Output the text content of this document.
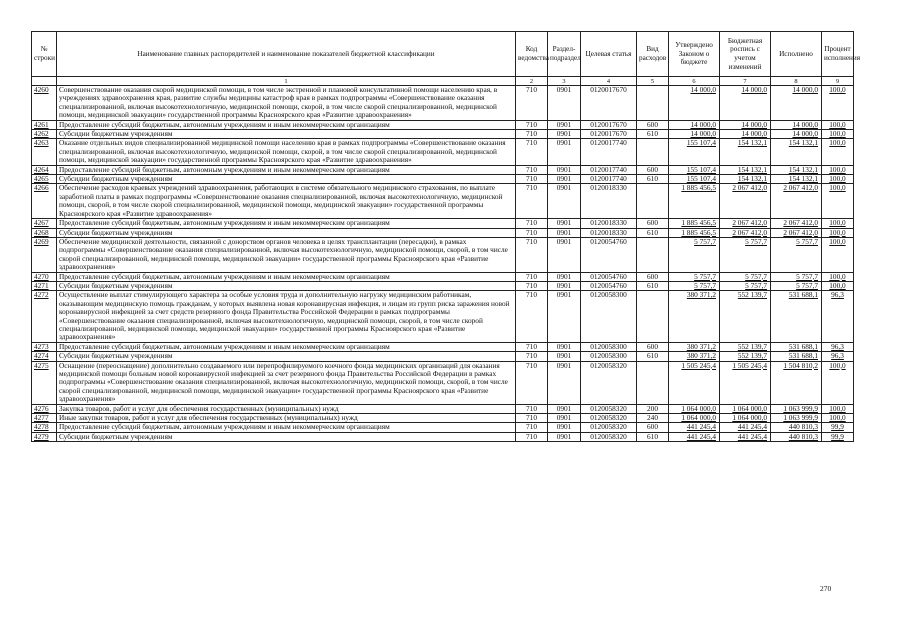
№ строки	Наименование главных распорядителей и наименование показателей бюджетной классификации	Код ведомства	Раздел-подраздел	Целевая статья	Вид расходов	Утверждено Законом о бюджете	Бюджетная роспись с учетом изменений	Исполнено	Процент исполнения
	1	2	3	4	5	6	7	8	9
4260	Совершенствование оказания скорой медицинской помощи, в том числе экстренной и плановой консультативной помощи населению края, в учреждениях здравоохранения края, развитие службы медицины катастроф края в рамках подпрограммы «Совершенствование оказания специализированной, включая высокотехнологичную, медицинской помощи, скорой, в том числе скорой специализированной, медицинской помощи, медицинской эвакуации» государственной программы Красноярского края «Развитие здравоохранения»	710	0901	0120017670		14 000,0	14 000,0	14 000,0	100,0
4261	Предоставление субсидий бюджетным, автономным учреждениям и иным некоммерческим организациям	710	0901	0120017670	600	14 000,0	14 000,0	14 000,0	100,0
4262	Субсидии бюджетным учреждениям	710	0901	0120017670	610	14 000,0	14 000,0	14 000,0	100,0
4263	Оказание отдельных видов специализированной медицинской помощи населению края в рамках подпрограммы «Совершенствование оказания специализированной, включая высокотехнологичную, медицинской помощи, скорой, в том числе скорой специализированной, медицинской помощи, медицинской эвакуации» государственной программы Красноярского края «Развитие здравоохранения»	710	0901	0120017740		155 107,4	154 132,1	154 132,1	100,0
4264	Предоставление субсидий бюджетным, автономным учреждениям и иным некоммерческим организациям	710	0901	0120017740	600	155 107,4	154 132,1	154 132,1	100,0
4265	Субсидии бюджетным учреждениям	710	0901	0120017740	610	155 107,4	154 132,1	154 132,1	100,0
4266	Обеспечение расходов краевых учреждений здравоохранения, работающих в системе обязательного медицинского страхования, по выплате заработной платы в рамках подпрограммы «Совершенствование оказания специализированной, включая высокотехнологичную, медицинской помощи, скорой, в том числе скорой специализированной, медицинской помощи, медицинской эвакуации» государственной программы Красноярского края «Развитие здравоохранения»	710	0901	0120018330		1 885 456,5	2 067 412,0	2 067 412,0	100,0
4267	Предоставление субсидий бюджетным, автономным учреждениям и иным некоммерческим организациям	710	0901	0120018330	600	1 885 456,5	2 067 412,0	2 067 412,0	100,0
4268	Субсидии бюджетным учреждениям	710	0901	0120018330	610	1 885 456,5	2 067 412,0	2 067 412,0	100,0
4269	Обеспечение медицинской деятельности, связанной с донорством органов человека в целях трансплантации (пересадки), в рамках подпрограммы «Совершенствование оказания специализированной, включая высокотехнологичную, медицинской помощи, скорой, в том числе скорой специализированной, медицинской помощи, медицинской эвакуации» государственной программы Красноярского края «Развитие здравоохранения»	710	0901	0120054760		5 757,7	5 757,7	5 757,7	100,0
4270	Предоставление субсидий бюджетным, автономным учреждениям и иным некоммерческим организациям	710	0901	0120054760	600	5 757,7	5 757,7	5 757,7	100,0
4271	Субсидии бюджетным учреждениям	710	0901	0120054760	610	5 757,7	5 757,7	5 757,7	100,0
4272	Осуществление выплат стимулирующего характера за особые условия труда и дополнительную нагрузку медицинским работникам, оказывающим медицинскую помощь гражданам, у которых выявлена новая коронавирусная инфекция, и лицам из групп риска заражения новой коронавирусной инфекцией за счет средств резервного фонда Правительства Российской Федерации в рамках подпрограммы «Совершенствование оказания специализированной, включая высокотехнологичную, медицинской помощи, скорой, в том числе скорой специализированной, медицинской помощи, медицинской эвакуации» государственной программы Красноярского края «Развитие здравоохранения»	710	0901	0120058300		380 371,2	552 139,7	531 688,1	96,3
4273	Предоставление субсидий бюджетным, автономным учреждениям и иным некоммерческим организациям	710	0901	0120058300	600	380 371,2	552 139,7	531 688,1	96,3
4274	Субсидии бюджетным учреждениям	710	0901	0120058300	610	380 371,2	552 139,7	531 688,1	96,3
4275	Оснащение (переоснащение) дополнительно создаваемого или перепрофилируемого коечного фонда медицинских организаций для оказания медицинской помощи больным новой коронавирусной инфекцией за счет резервного фонда Правительства Российской Федерации в рамках подпрограммы «Совершенствование оказания специализированной, включая высокотехнологичную, медицинской помощи, скорой, в том числе скорой специализированной, медицинской помощи, медицинской эвакуации» государственной программы Красноярского края «Развитие здравоохранения»	710	0901	0120058320		1 505 245,4	1 505 245,4	1 504 810,2	100,0
4276	Закупка товаров, работ и услуг для обеспечения государственных (муниципальных) нужд	710	0901	0120058320	200	1 064 000,0	1 064 000,0	1 063 999,9	100,0
4277	Иные закупки товаров, работ и услуг для обеспечения государственных (муниципальных) нужд	710	0901	0120058320	240	1 064 000,0	1 064 000,0	1 063 999,9	100,0
4278	Предоставление субсидий бюджетным, автономным учреждениям и иным некоммерческим организациям	710	0901	0120058320	600	441 245,4	441 245,4	440 810,3	99,9
4279	Субсидии бюджетным учреждениям	710	0901	0120058320	610	441 245,4	441 245,4	440 810,3	99,9
270
